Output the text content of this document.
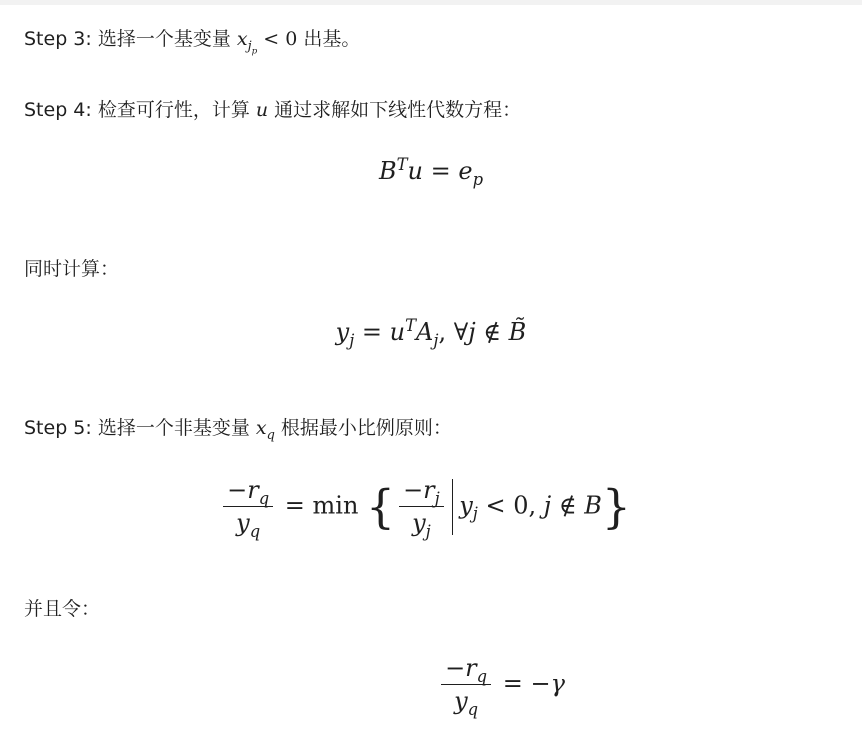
Step 3: 选择一个基变量 $x_{j_p} < 0$ 出基。
Step 4: 检查可行性，计算 u 通过求解如下线性代数方程：
$B^Tu = e_p$
同时计算：
$y_j = u^TA_j$, ∀j ∉ B̃
Step 5: 选择一个非基变量 $x_q$ 根据最小比例原则：
$\frac{-r_q}{y_q} = \min$ { $\frac{-r_j}{y_j} y_j < 0$, j ∉ B}
并且令：
$\frac{-r_q}{y_q} = -\gamma$
